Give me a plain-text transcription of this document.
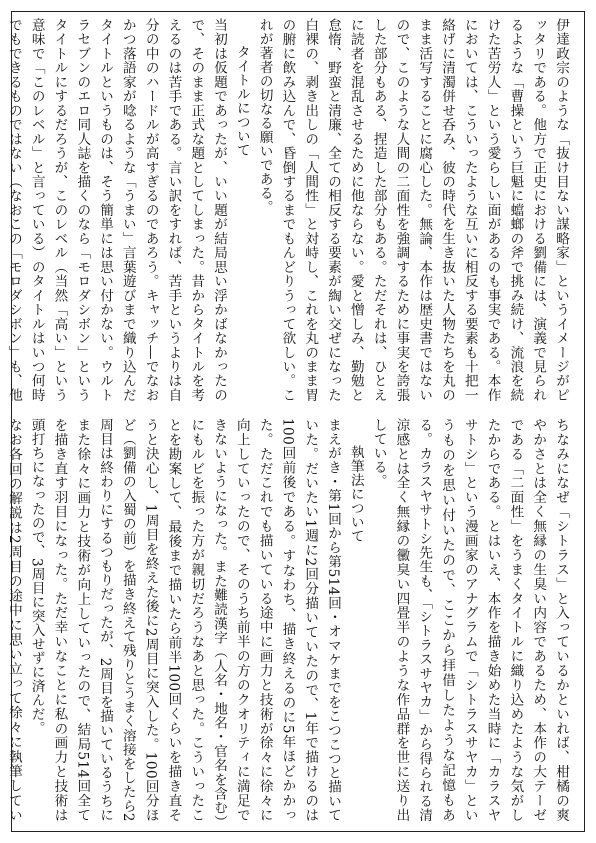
伊達政宗のような「抜け目ない謀略家」というイメージがピッタリである。他方で正史における劉備には、演義で見られるような「曹操という巨魁に蟷螂の斧で挑み続け、流浪を続けた苦労人」という愛らしい面があるのも事実である。本作においては、こういったような互いに相反する要素も十把一絡げに清濁併せ呑み、彼の時代を生き抜いた人物たちを丸のまま活写することに腐心した。無論、本作は歴史書ではないので、このような人間の二面性を強調するために事実を誇張した部分もある、捏造した部分もある。ただそれは、ひとえに読者を混乱させるために他ならない。愛と憎しみ、勤勉と怠惰、野蛮と清廉、全ての相反する要素が綯い交ぜになった白裸の、剥き出しの「人間性」と対峙し、これを丸のまま胃の腑に飲み込んで、昏倒するまでもんどりうって欲しい。これが著者の切なる願いである。
タイトルについて
当初は仮題であったが、いい題が結局思い浮かばなかったので、そのまま正式な題としてしまった。昔からタイトルを考えるのは苦手である。言い訳をすれば、苦手というよりは自分の中のハードルが高すぎるのであろう。キャッチ―でなおかつ落語家が唸るような「うまい」言葉遊びまで織り込んだタイトルというものは、そう簡単には思い付かない。ウルトラセブンのエロ同人誌を描くのなら「モロダシボン」というタイトルにするだろうが、このレベル（当然「高い」という意味で「このレベル」と言っている）のタイトルはいつ何時でもできるものではない（なおこの「モロダシボン」も、他
ちなみになぜ「シトラス」と入っているかといれば、柑橘の爽やかさとは全く無縁の生臭い内容であるため、本作の大テーゼである「二面性」をうまくタイトルに織り込めたような気がしたからである。とはいえ、本作を描き始めた当時に「カラスヤサトシ」という漫画家のアナグラムで「シトラスサヤカ」というものを思い付いたので、ここから拝借したような記憶もある。カラスヤサトシ先生も、「シトラスサヤカ」から得られる清涼感とは全く無縁の黴臭い四畳半のような作品群を世に送り出している。
執筆法について
まえがき・第1回から第514回・オマケまでをこつこつと描いていた。だいたい1週に2回分描いていたので、1年で描けるのは100回前後である。すなわち、描き終えるのに5年ほどかかった。ただこれでも描いている途中に画力と技術が徐々に徐々に向上していったので、そのうち前半の方のクオリティに満足できないようになった。また難読漢字（人名・地名・官名を含む）にもルビを振った方が親切だろうなあと思った。こういったことを勘案して、最後まで描いたら前半100回くらいを描き直そうと決心し、1周目を終えた後に2周目に突入した。100回分ほど（劉備の入蜀の前）を描き終えて残りとうまく溶接をしたら2周目は終わりにするつもりだったが、2周目を描いているうちにまた徐々に画力と技術が向上していったので、結局514回全てを描き直す羽目になった。ただ幸いなことに私の画力と技術は頭打ちになったので、3周目に突入せずに済んだ。
なお各回の解説は2周目の途中に思い立って徐々に執筆してい
